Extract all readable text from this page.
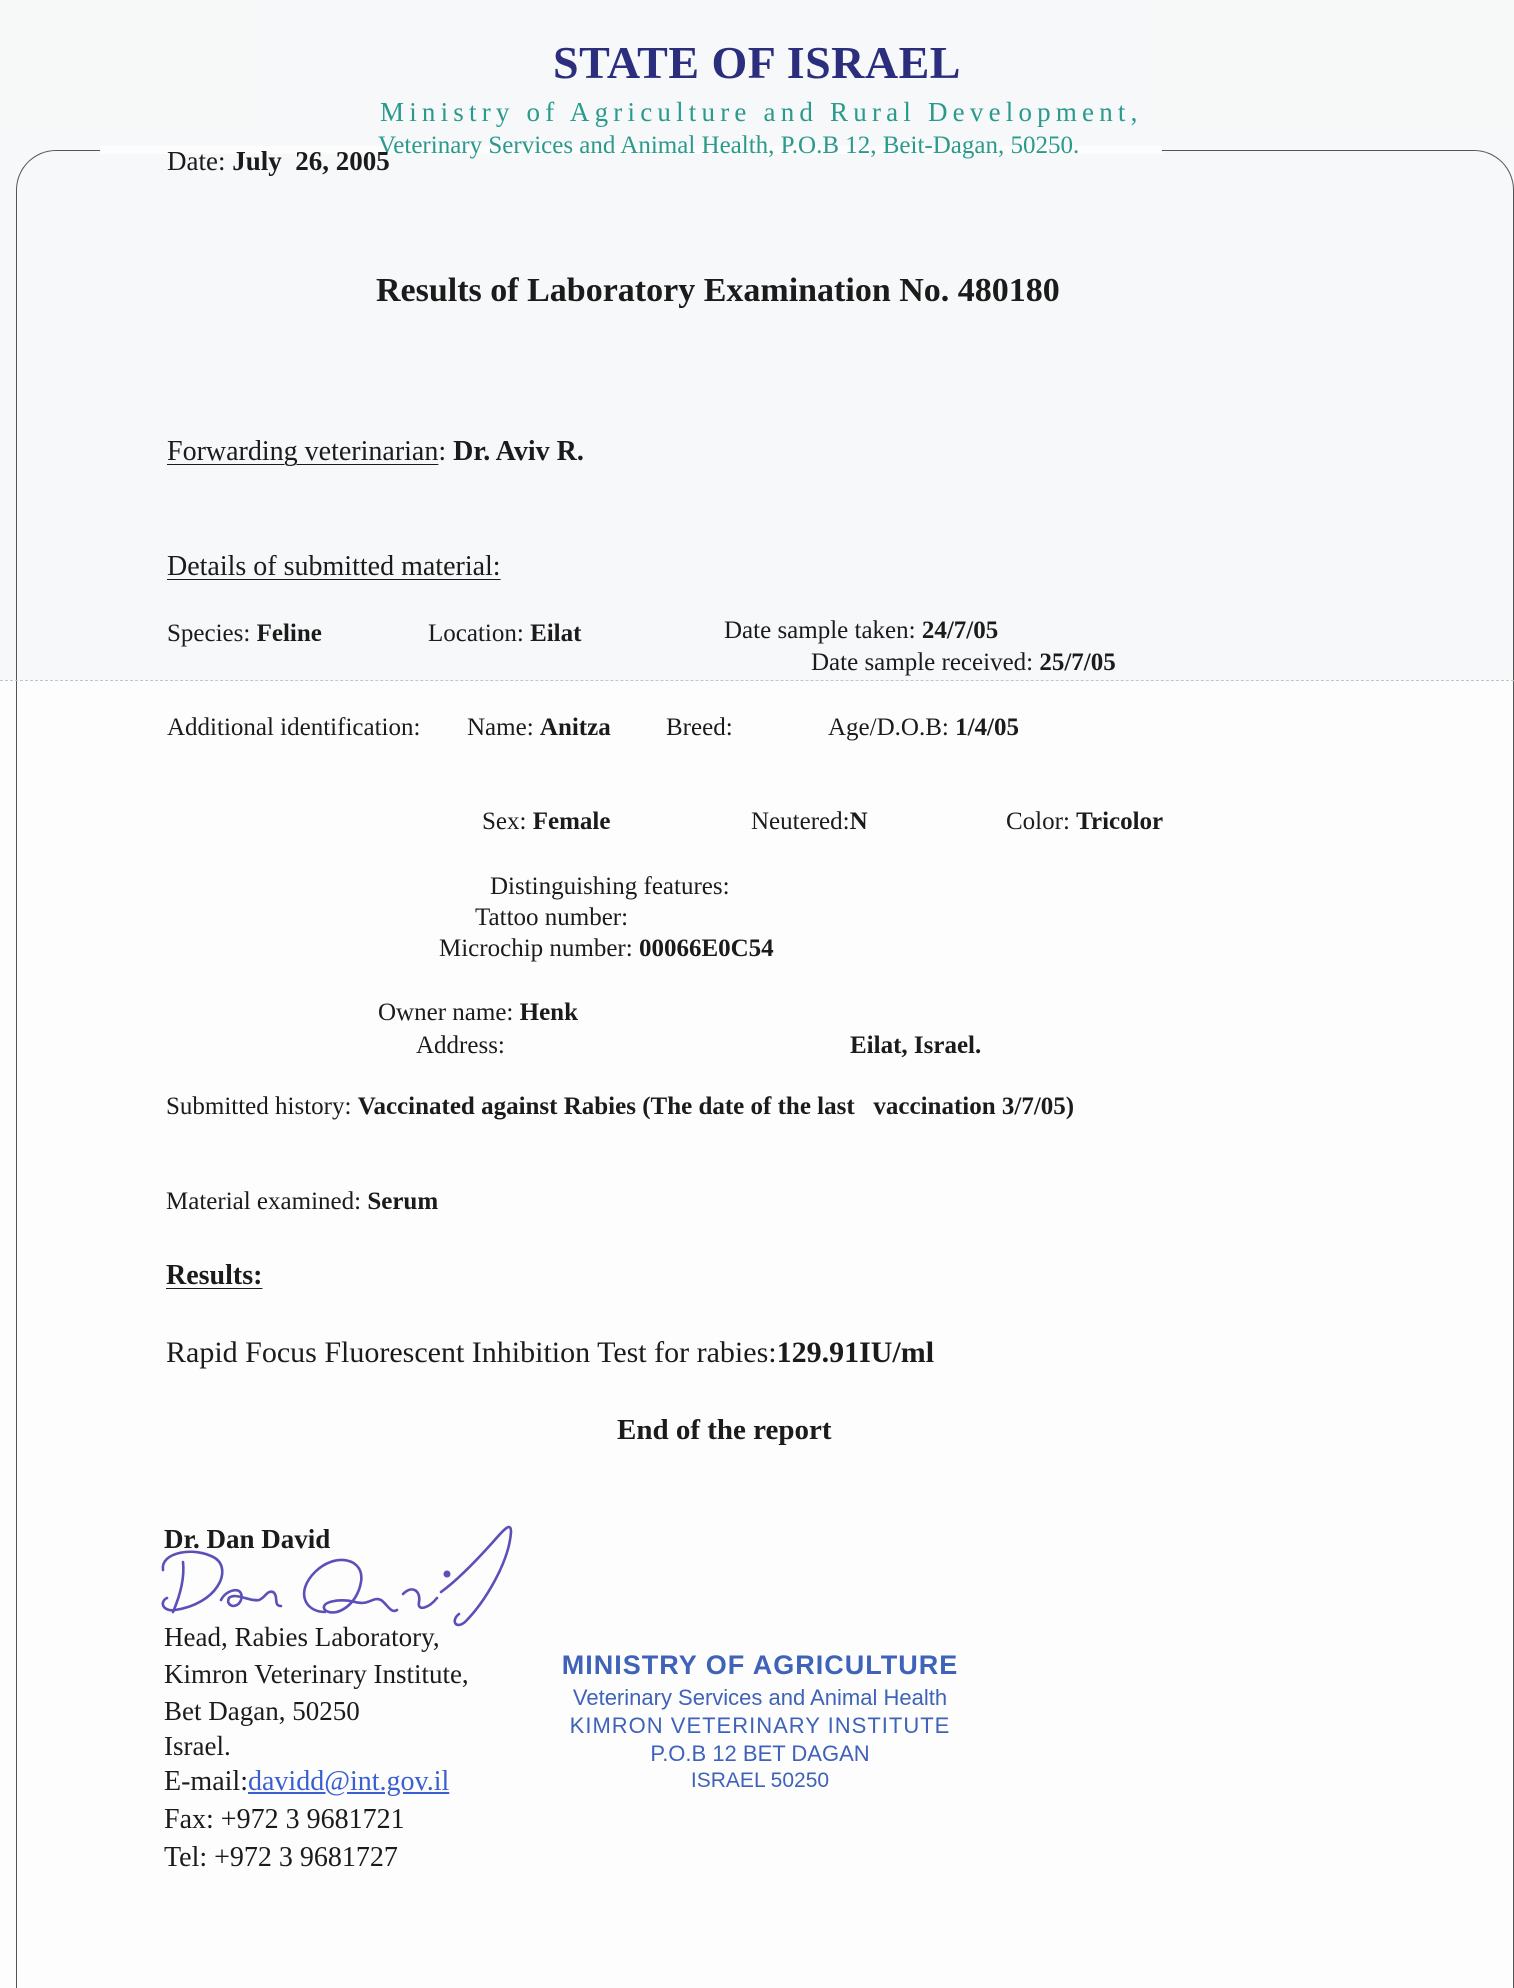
STATE OF ISRAEL
Ministry of Agriculture and Rural Development,
Veterinary Services and Animal Health, P.O.B 12, Beit-Dagan, 50250.
Date: July  26, 2005
Results of Laboratory Examination No. 480180
Forwarding veterinarian: Dr. Aviv R.
Details of submitted material:
Species: Feline	Location: Eilat	Date sample taken: 24/7/05
Date sample received: 25/7/05
Additional identification: Name: Anitza Breed:	Age/D.O.B: 1/4/05
Sex: Female	Neutered:N	Color: Tricolor
Distinguishing features:
Tattoo number:
Microchip number: 00066E0C54
Owner name: Henk
Address:	Eilat, Israel.
Submitted history: Vaccinated against Rabies (The date of the last   vaccination 3/7/05)
Material examined: Serum
Results:
Rapid Focus Fluorescent Inhibition Test for rabies:129.91IU/ml
End of the report
Dr. Dan David
Head, Rabies Laboratory,
Kimron Veterinary Institute,
Bet Dagan, 50250
Israel.
E-mail:davidd@int.gov.il
Fax: +972 3 9681721
Tel: +972 3 9681727
MINISTRY OF AGRICULTURE
Veterinary Services and Animal Health
KIMRON VETERINARY INSTITUTE
P.O.B 12 BET DAGAN
ISRAEL 50250
